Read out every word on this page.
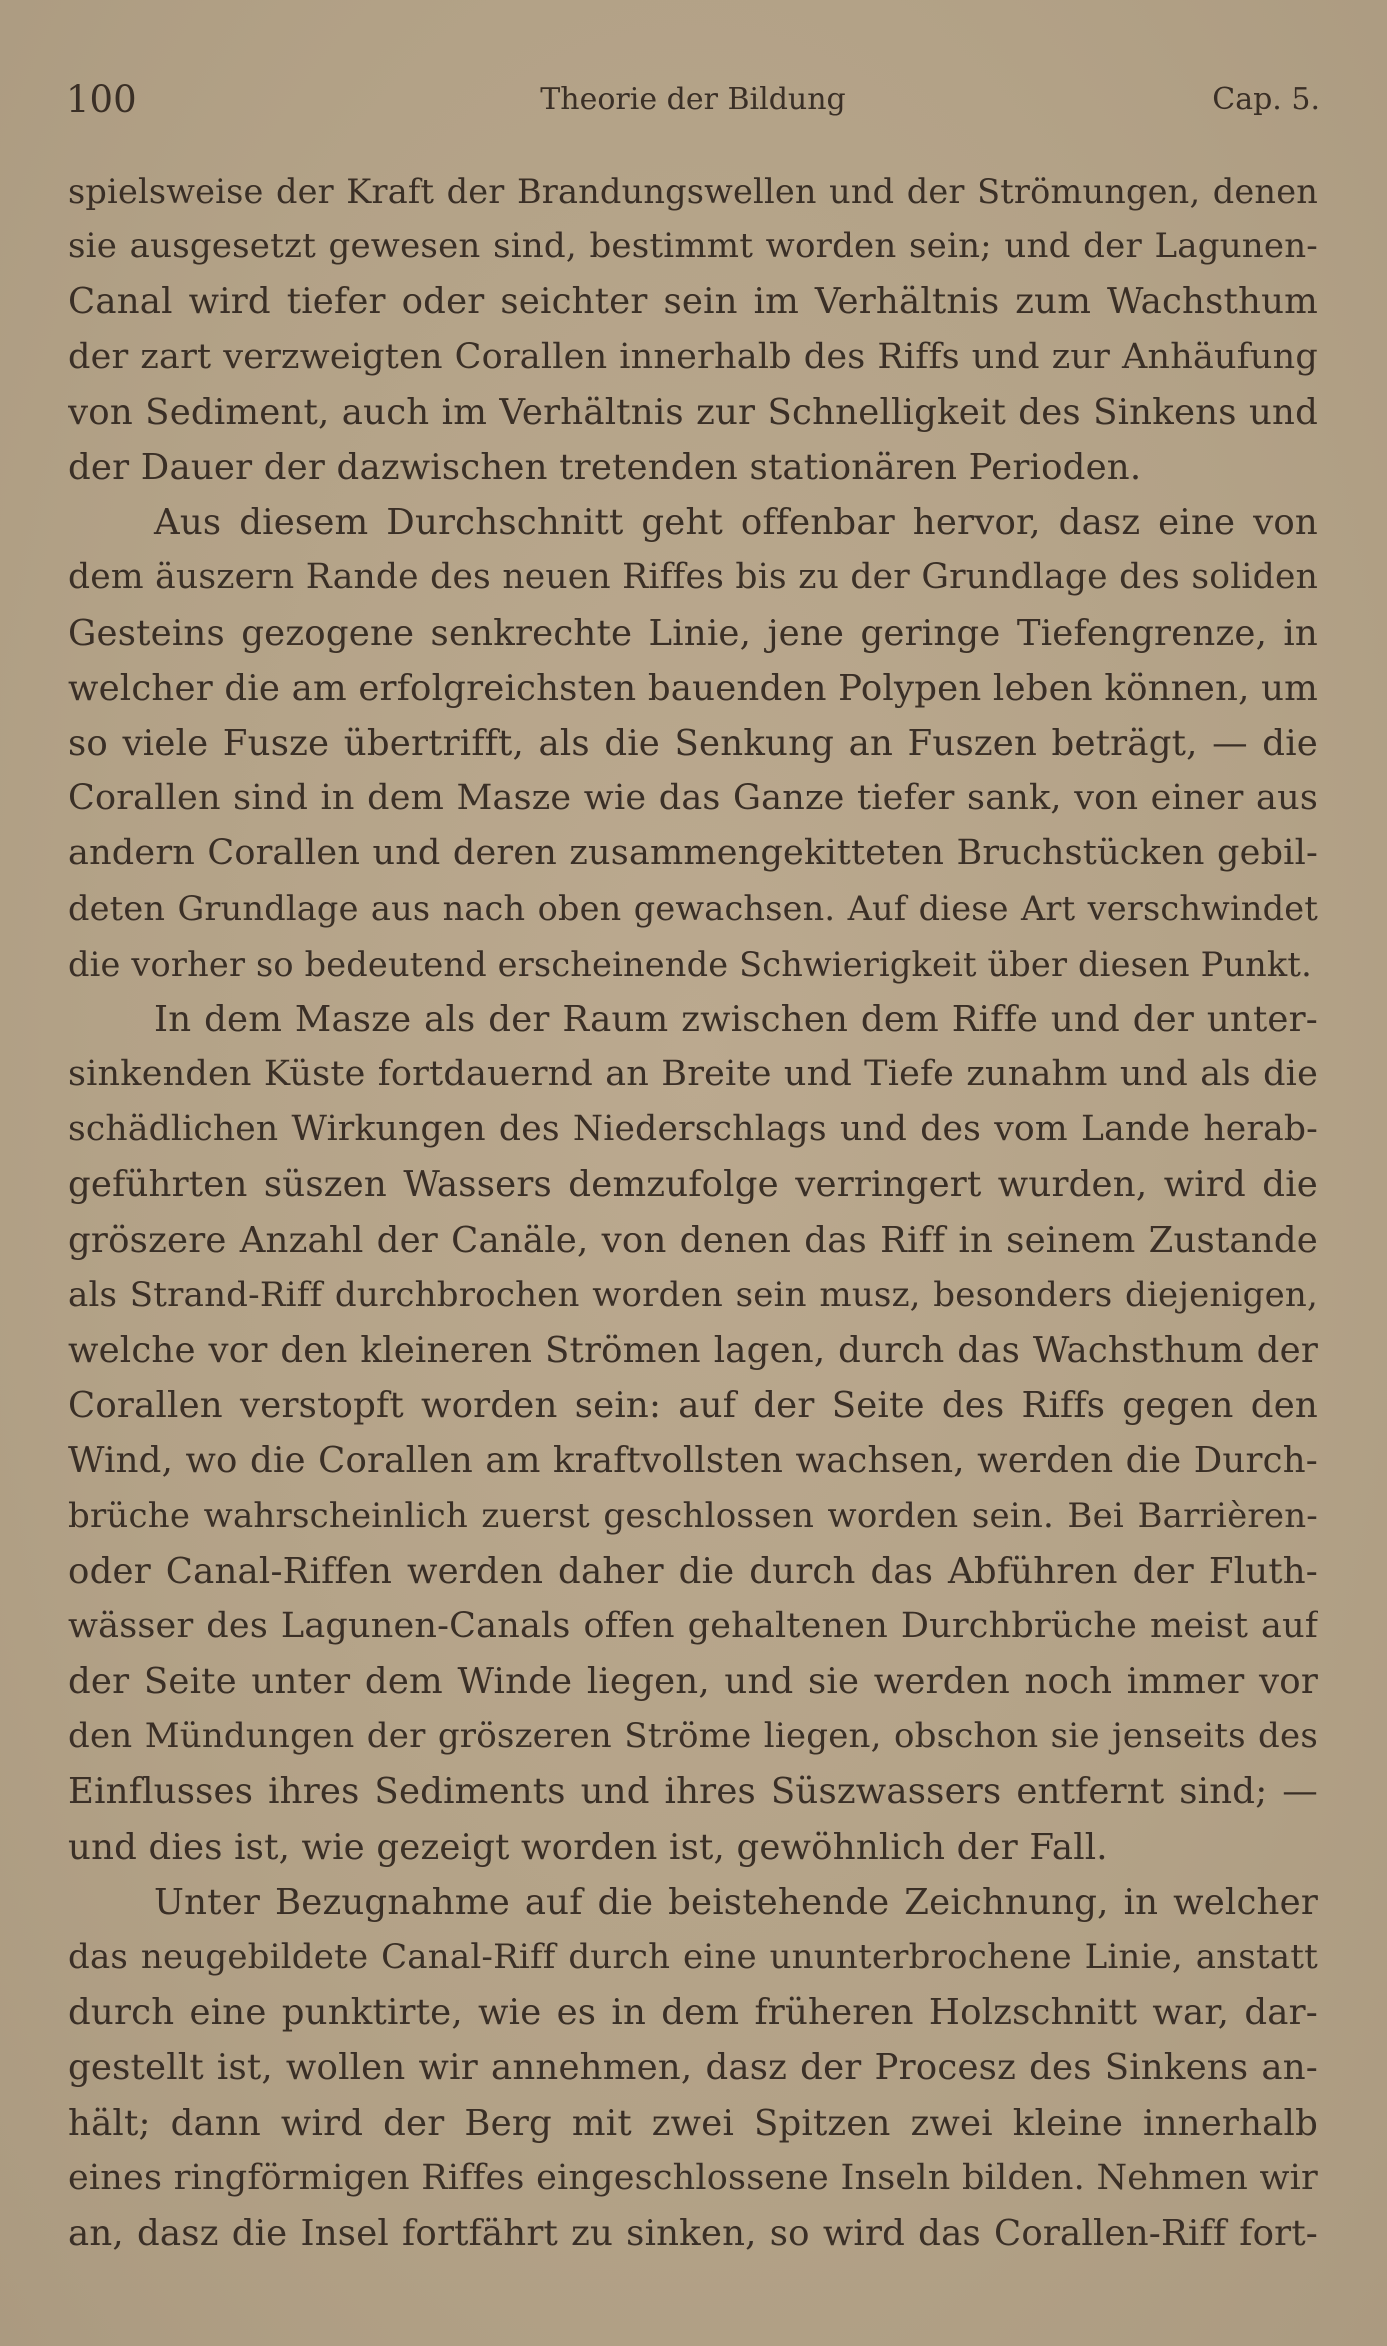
100	Theorie der Bildung	Cap. 5.
spielsweise der Kraft der Brandungswellen und der Strömungen, denen
sie ausgesetzt gewesen sind, bestimmt worden sein; und der Lagunen-
Canal wird tiefer oder seichter sein im Verhältnis zum Wachsthum
der zart verzweigten Corallen innerhalb des Riffs und zur Anhäufung
von Sediment, auch im Verhältnis zur Schnelligkeit des Sinkens und
der Dauer der dazwischen tretenden stationären Perioden.
Aus diesem Durchschnitt geht offenbar hervor, dasz eine von
dem äuszern Rande des neuen Riffes bis zu der Grundlage des soliden
Gesteins gezogene senkrechte Linie, jene geringe Tiefengrenze, in
welcher die am erfolgreichsten bauenden Polypen leben können, um
so viele Fusze übertrifft, als die Senkung an Fuszen beträgt, — die
Corallen sind in dem Masze wie das Ganze tiefer sank, von einer aus
andern Corallen und deren zusammengekitteten Bruchstücken gebil-
deten Grundlage aus nach oben gewachsen. Auf diese Art verschwindet
die vorher so bedeutend erscheinende Schwierigkeit über diesen Punkt.
In dem Masze als der Raum zwischen dem Riffe und der unter-
sinkenden Küste fortdauernd an Breite und Tiefe zunahm und als die
schädlichen Wirkungen des Niederschlags und des vom Lande herab-
geführten süszen Wassers demzufolge verringert wurden, wird die
gröszere Anzahl der Canäle, von denen das Riff in seinem Zustande
als Strand-Riff durchbrochen worden sein musz, besonders diejenigen,
welche vor den kleineren Strömen lagen, durch das Wachsthum der
Corallen verstopft worden sein: auf der Seite des Riffs gegen den
Wind, wo die Corallen am kraftvollsten wachsen, werden die Durch-
brüche wahrscheinlich zuerst geschlossen worden sein. Bei Barrièren-
oder Canal-Riffen werden daher die durch das Abführen der Fluth-
wässer des Lagunen-Canals offen gehaltenen Durchbrüche meist auf
der Seite unter dem Winde liegen, und sie werden noch immer vor
den Mündungen der gröszeren Ströme liegen, obschon sie jenseits des
Einflusses ihres Sediments und ihres Süszwassers entfernt sind; —
und dies ist, wie gezeigt worden ist, gewöhnlich der Fall.
Unter Bezugnahme auf die beistehende Zeichnung, in welcher
das neugebildete Canal-Riff durch eine ununterbrochene Linie, anstatt
durch eine punktirte, wie es in dem früheren Holzschnitt war, dar-
gestellt ist, wollen wir annehmen, dasz der Procesz des Sinkens an-
hält; dann wird der Berg mit zwei Spitzen zwei kleine innerhalb
eines ringförmigen Riffes eingeschlossene Inseln bilden. Nehmen wir
an, dasz die Insel fortfährt zu sinken, so wird das Corallen-Riff fort-
